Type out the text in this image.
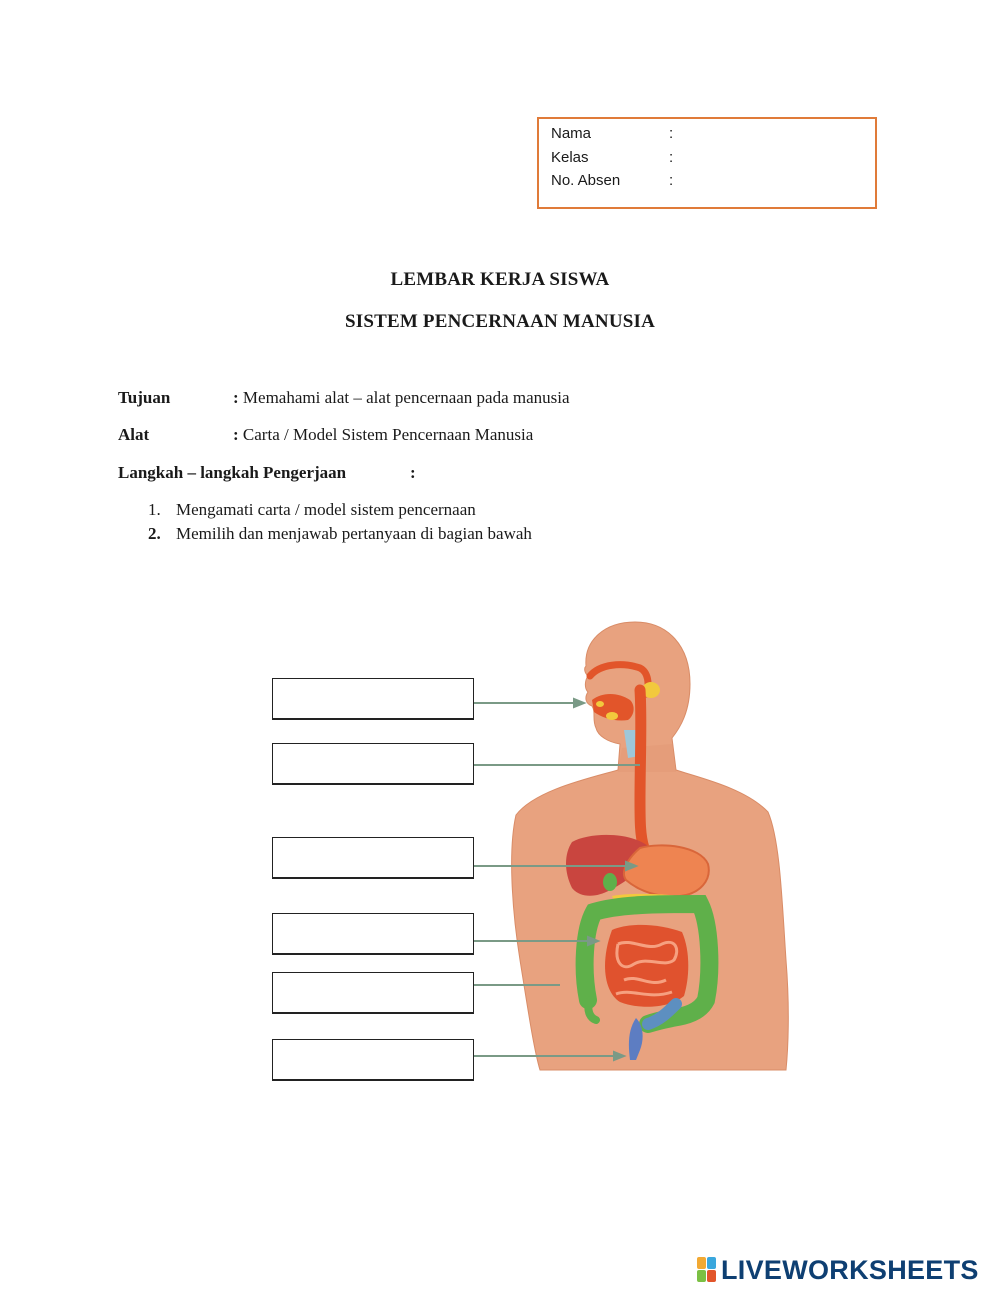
Nama	:
Kelas	:
No. Absen	:
LEMBAR KERJA SISWA
SISTEM PENCERNAAN MANUSIA
Tujuan	: Memahami alat – alat pencernaan pada manusia
Alat	: Carta / Model Sistem Pencernaan Manusia
Langkah – langkah Pengerjaan	:
1. Mengamati carta / model sistem pencernaan
2. Memilih dan menjawab pertanyaan di bagian bawah
LIVEWORKSHEETS
